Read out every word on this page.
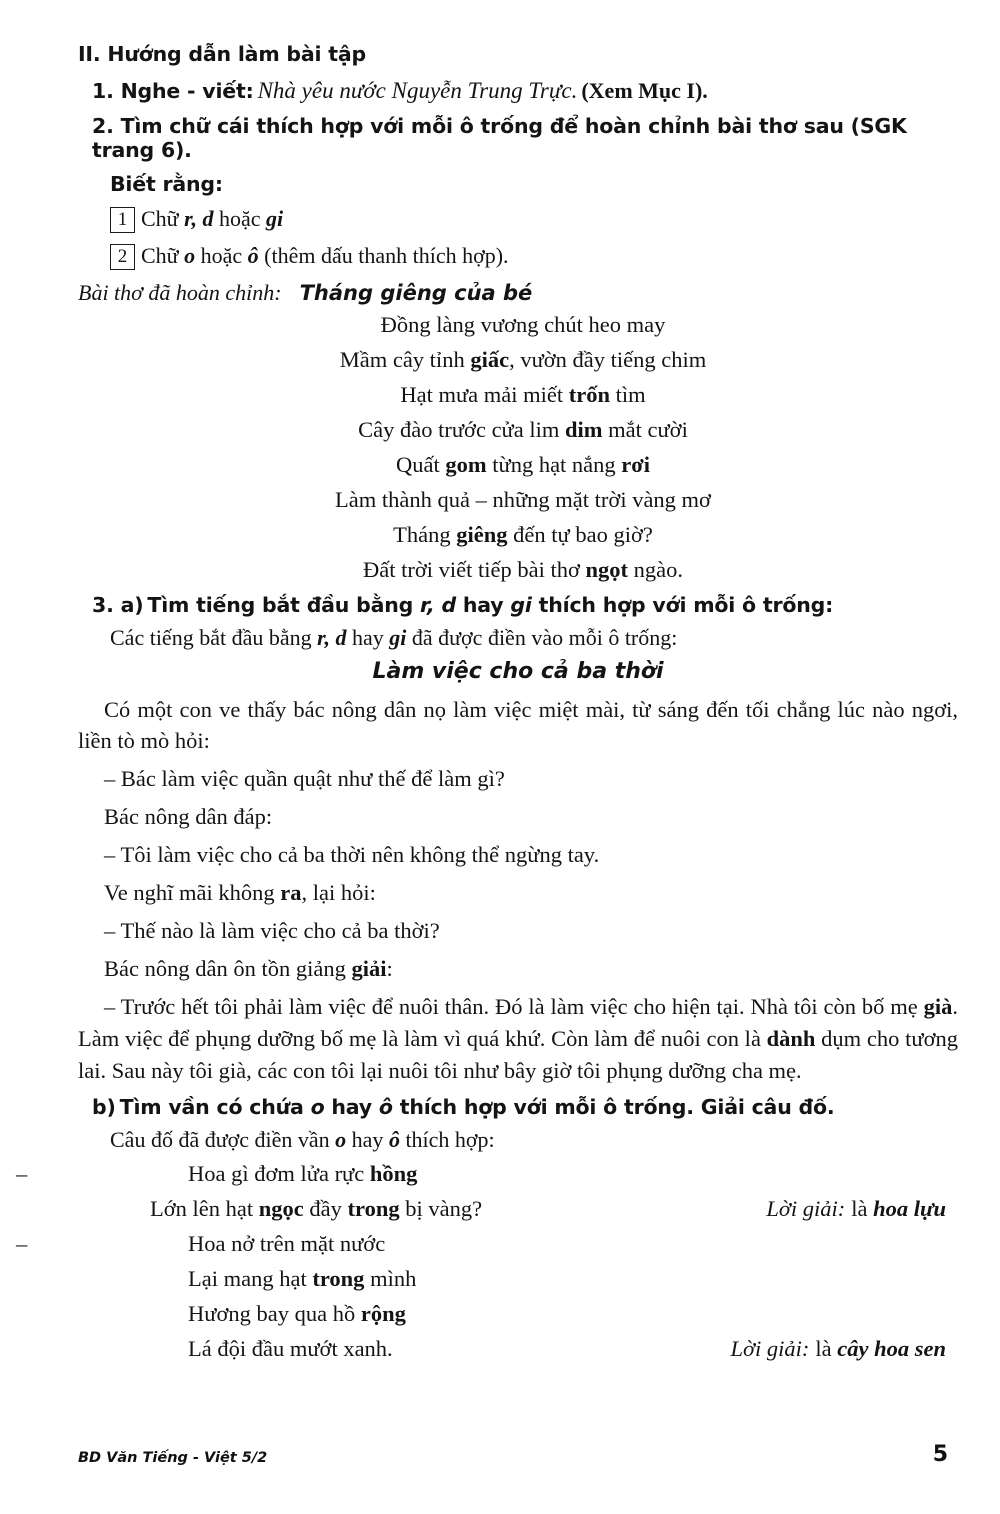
II. Hướng dẫn làm bài tập
1. Nghe - viết: Nhà yêu nước Nguyễn Trung Trực. (Xem Mục I).
2. Tìm chữ cái thích hợp với mỗi ô trống để hoàn chỉnh bài thơ sau (SGK trang 6).
Biết rằng:
1 Chữ r, d hoặc gi
2 Chữ o hoặc ô (thêm dấu thanh thích hợp).
Bài thơ đã hoàn chỉnh: Tháng giêng của bé
Đồng làng vương chút heo may
Mầm cây tỉnh giấc, vườn đầy tiếng chim
Hạt mưa mải miết trốn tìm
Cây đào trước cửa lim dim mắt cười
Quất gom từng hạt nắng rơi
Làm thành quả – những mặt trời vàng mơ
Tháng giêng đến tự bao giờ?
Đất trời viết tiếp bài thơ ngọt ngào.
3. a) Tìm tiếng bắt đầu bằng r, d hay gi thích hợp với mỗi ô trống:
Các tiếng bắt đầu bằng r, d hay gi đã được điền vào mỗi ô trống:
Làm việc cho cả ba thời
Có một con ve thấy bác nông dân nọ làm việc miệt mài, từ sáng đến tối chẳng lúc nào ngơi, liền tò mò hỏi:
– Bác làm việc quần quật như thế để làm gì?
Bác nông dân đáp:
– Tôi làm việc cho cả ba thời nên không thể ngừng tay.
Ve nghĩ mãi không ra, lại hỏi:
– Thế nào là làm việc cho cả ba thời?
Bác nông dân ôn tồn giảng giải:
– Trước hết tôi phải làm việc để nuôi thân. Đó là làm việc cho hiện tại. Nhà tôi còn bố mẹ già. Làm việc để phụng dưỡng bố mẹ là làm vì quá khứ. Còn làm để nuôi con là dành dụm cho tương lai. Sau này tôi già, các con tôi lại nuôi tôi như bây giờ tôi phụng dưỡng cha mẹ.
b) Tìm vần có chứa o hay ô thích hợp với mỗi ô trống. Giải câu đố.
Câu đố đã được điền vần o hay ô thích hợp:
– Hoa gì đơm lửa rực hồng
Lớn lên hạt ngọc đầy trong bị vàng?	Lời giải: là hoa lựu
– Hoa nở trên mặt nước
Lại mang hạt trong mình
Hương bay qua hồ rộng
Lá đội đầu mướt xanh.	Lời giải: là cây hoa sen
BD Văn Tiếng - Việt 5/2	5
